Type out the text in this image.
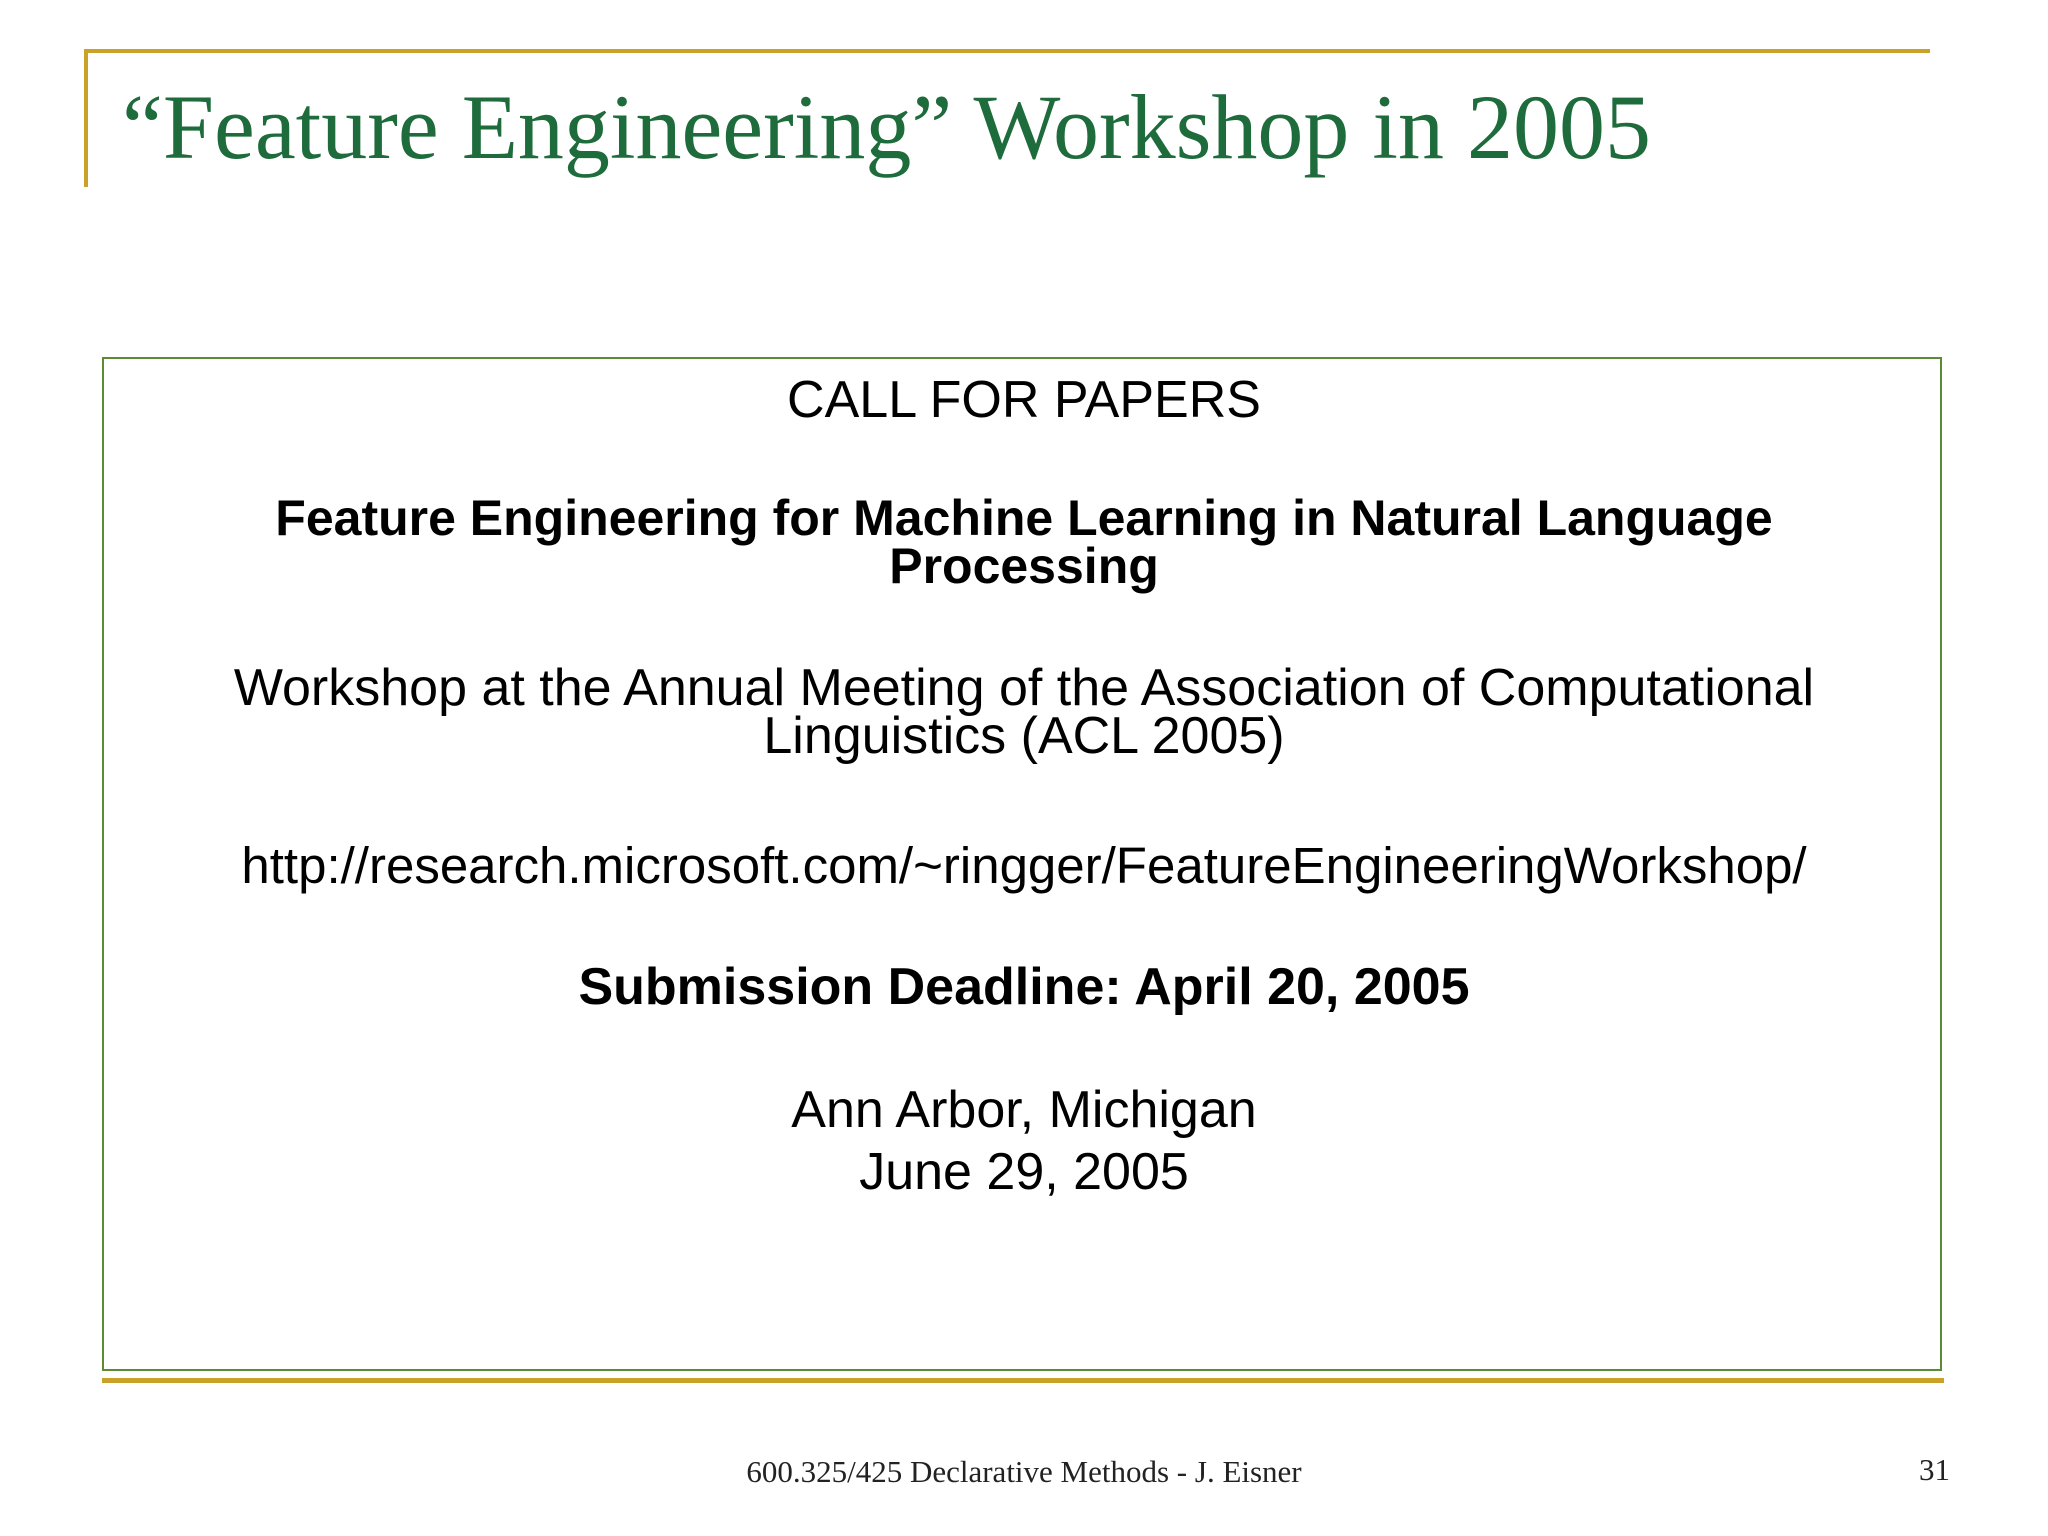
“Feature Engineering” Workshop in 2005

CALL FOR PAPERS

Feature Engineering for Machine Learning in Natural Language Processing

Workshop at the Annual Meeting of the Association of Computational Linguistics (ACL 2005)

http://research.microsoft.com/~ringger/FeatureEngineeringWorkshop/

Submission Deadline: April 20, 2005

Ann Arbor, Michigan

June 29, 2005

600.325/425 Declarative Methods - J. Eisner	31
